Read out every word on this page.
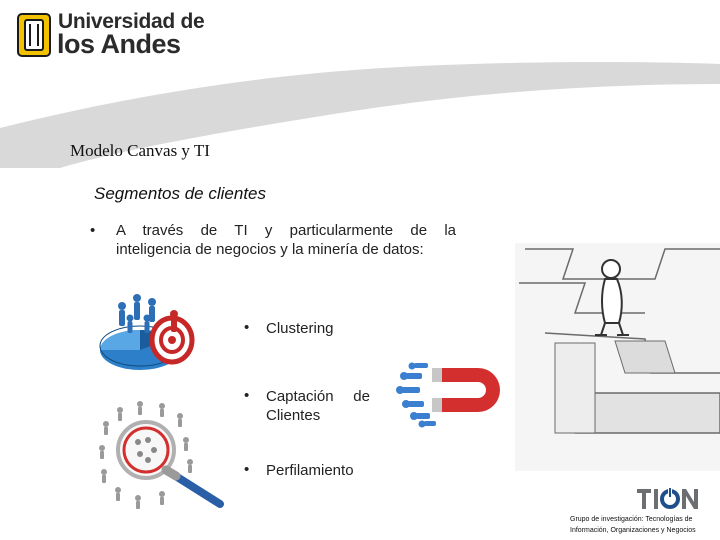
Universidad de
los Andes
Modelo Canvas y TI
Segmentos de clientes
• A través de TI y particularmente de la
inteligencia de negocios y la minería de datos:
• Clustering
• Captación de
Clientes
• Perfilamiento
Grupo de investigación: Tecnologías de
Información, Organizaciones y Negocios
